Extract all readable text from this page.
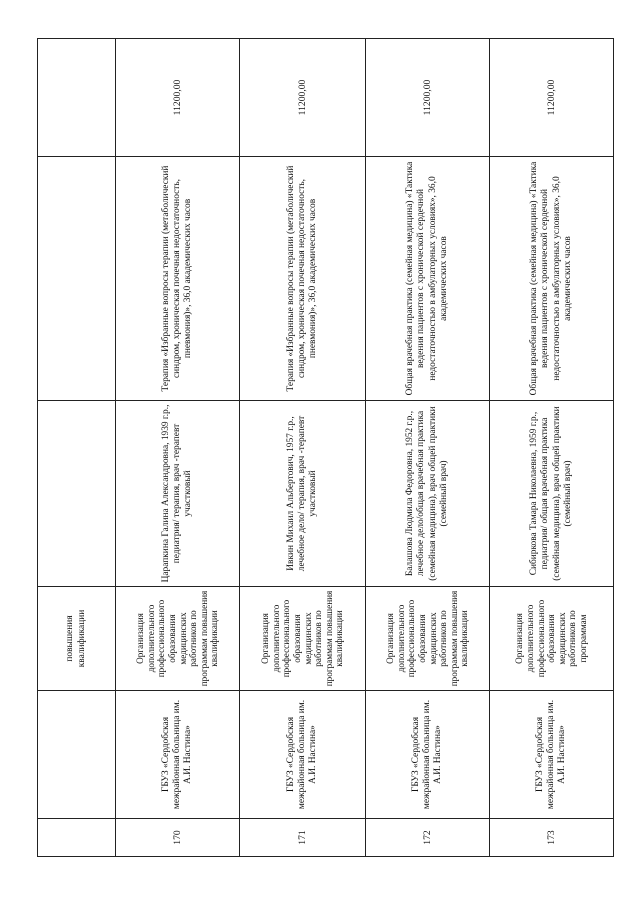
		повышения квалификации			
170	ГБУЗ «Сердобская межрайонная больница им. А.И. Настина»	Организация дополнительного профессионального образования медицинских работников по программам повышения квалификации	Царапкина Галина Александровна, 1939 г.р., педиатрия/ терапия, врач -терапевт участковый	Терапия «Избранные вопросы терапии (метаболический синдром, хроническая почечная недостаточность, пневмония)», 36,0 академических часов	11200,00
171	ГБУЗ «Сердобская межрайонная больница им. А.И. Настина»	Организация дополнительного профессионального образования медицинских работников по программам повышения квалификации	Ивкин Михаил Альбертович, 1957 г.р., лечебное дело/ терапия, врач -терапевт участковый	Терапия «Избранные вопросы терапии (метаболический синдром, хроническая почечная недостаточность, пневмония)», 36,0 академических часов	11200,00
172	ГБУЗ «Сердобская межрайонная больница им. А.И. Настина»	Организация дополнительного профессионального образования медицинских работников по программам повышения квалификации	Балашова Людмила Федоровна, 1952 г.р., лечебное дело/общая врачебная практика (семейная медицина), врач общей практики (семейный врач)	Общая врачебная практика (семейная медицина) «Тактика ведения пациентов с хронической сердечной недостаточностью в амбулаторных условиях», 36,0 академических часов	11200,00
173	ГБУЗ «Сердобская межрайонная больница им. А.И. Настина»	Организация дополнительного профессионального образования медицинских работников по программам	Сибиркова Тамара Николаевна, 1959 г.р., педиатрия/ общая врачебная практика (семейная медицина), врач общей практики (семейный врач)	Общая врачебная практика (семейная медицина) «Тактика ведения пациентов с хронической сердечной недостаточностью в амбулаторных условиях», 36,0 академических часов	11200,00
